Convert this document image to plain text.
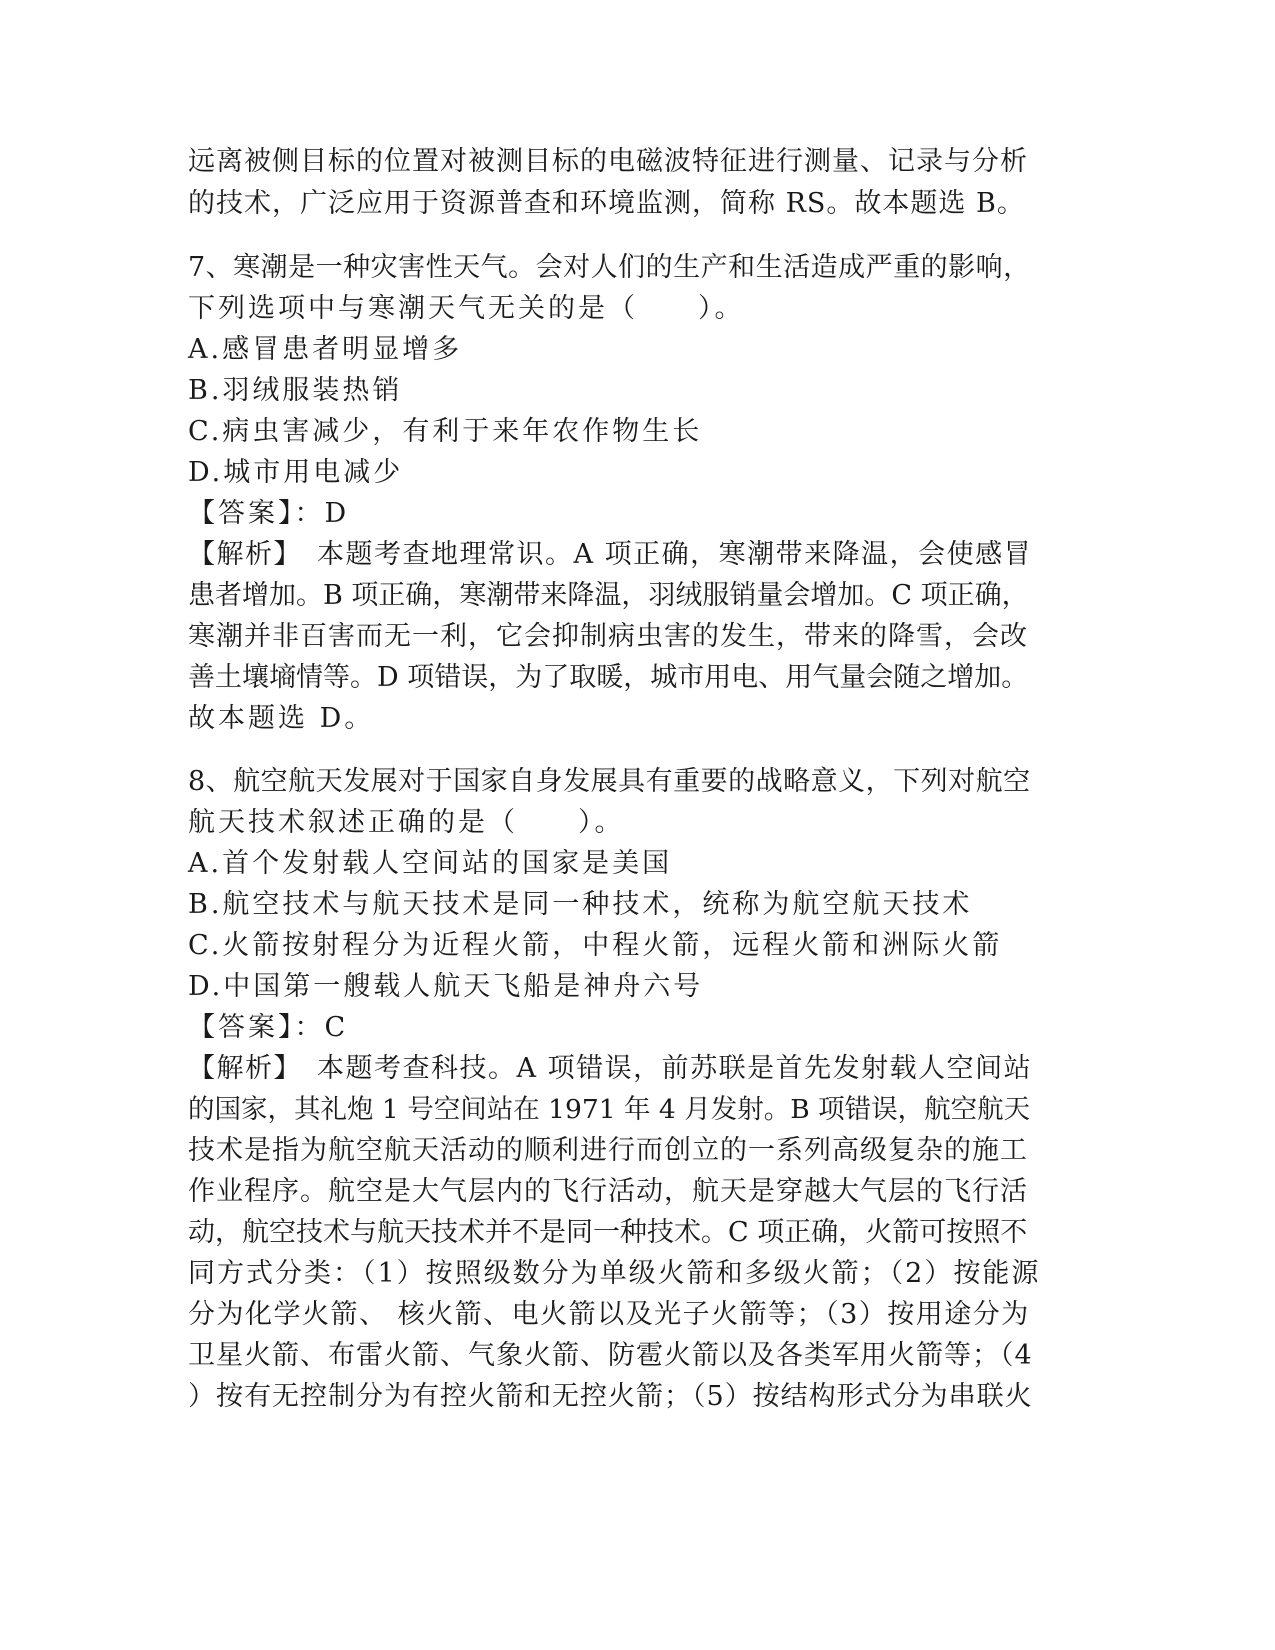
远离被侧目标的位置对被测目标的电磁波特征进行测量、记录与分析
的技术，广泛应用于资源普查和环境监测，简称 RS。故本题选 B。
7、寒潮是一种灾害性天气。会对人们的生产和生活造成严重的影响，
下列选项中与寒潮天气无关的是（　　）。
A.感冒患者明显增多
B.羽绒服装热销
C.病虫害减少，有利于来年农作物生长
D.城市用电减少
【答案】：D
【解析】　本题考查地理常识。A 项正确，寒潮带来降温，会使感冒
患者增加。B 项正确，寒潮带来降温，羽绒服销量会增加。C 项正确，
寒潮并非百害而无一利，它会抑制病虫害的发生，带来的降雪，会改
善土壤墒情等。D 项错误，为了取暖，城市用电、用气量会随之增加。
故本题选 D。
8、航空航天发展对于国家自身发展具有重要的战略意义，下列对航空
航天技术叙述正确的是（　　）。
A.首个发射载人空间站的国家是美国
B.航空技术与航天技术是同一种技术，统称为航空航天技术
C.火箭按射程分为近程火箭，中程火箭，远程火箭和洲际火箭
D.中国第一艘载人航天飞船是神舟六号
【答案】：C
【解析】　本题考查科技。A 项错误，前苏联是首先发射载人空间站
的国家，其礼炮 1 号空间站在 1971 年 4 月发射。B 项错误，航空航天
技术是指为航空航天活动的顺利进行而创立的一系列高级复杂的施工
作业程序。航空是大气层内的飞行活动，航天是穿越大气层的飞行活
动，航空技术与航天技术并不是同一种技术。C 项正确，火箭可按照不
同方式分类：（1）按照级数分为单级火箭和多级火箭；（2）按能源
分为化学火箭、 核火箭、电火箭以及光子火箭等；（3）按用途分为
卫星火箭、布雷火箭、气象火箭、防雹火箭以及各类军用火箭等；（4
）按有无控制分为有控火箭和无控火箭；（5）按结构形式分为串联火
